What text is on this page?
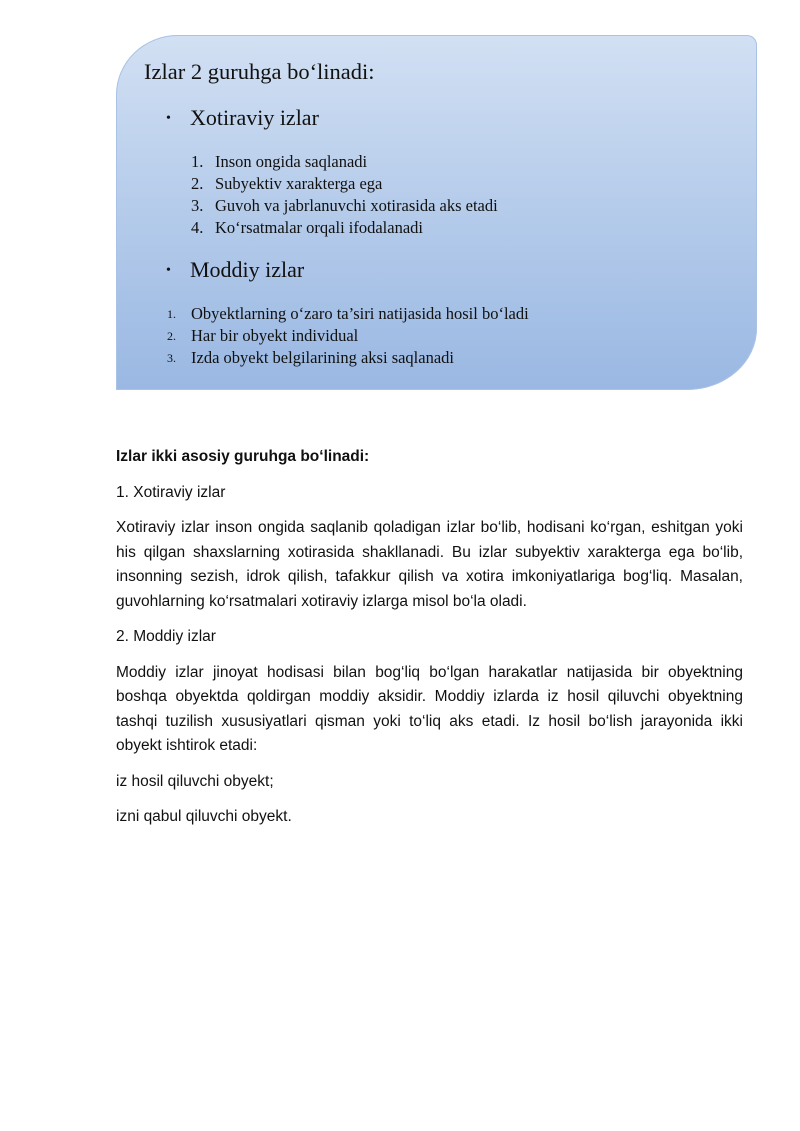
Izlar 2 guruhga bo‘linadi:
• Xotiraviy izlar
1. Inson ongida saqlanadi
2. Subyektiv xarakterga ega
3. Guvoh va jabrlanuvchi xotirasida aks etadi
4. Ko‘rsatmalar orqali ifodalanadi
• Moddiy izlar
1. Obyektlarning o‘zaro ta’siri natijasida hosil bo‘ladi
2. Har bir obyekt individual
3. Izda obyekt belgilarining aksi saqlanadi

Izlar ikki asosiy guruhga bo‘linadi:

1. Xotiraviy izlar

Xotiraviy izlar inson ongida saqlanib qoladigan izlar bo‘lib, hodisani ko‘rgan, eshitgan yoki his qilgan shaxslarning xotirasida shakllanadi. Bu izlar subyektiv xarakterga ega bo‘lib, insonning sezish, idrok qilish, tafakkur qilish va xotira imkoniyatlariga bog‘liq. Masalan, guvohlarning ko‘rsatmalari xotiraviy izlarga misol bo‘la oladi.

2. Moddiy izlar

Moddiy izlar jinoyat hodisasi bilan bog‘liq bo‘lgan harakatlar natijasida bir obyektning boshqa obyektda qoldirgan moddiy aksidir. Moddiy izlarda iz hosil qiluvchi obyektning tashqi tuzilish xususiyatlari qisman yoki to‘liq aks etadi. Iz hosil bo‘lish jarayonida ikki obyekt ishtirok etadi:

iz hosil qiluvchi obyekt;

izni qabul qiluvchi obyekt.
